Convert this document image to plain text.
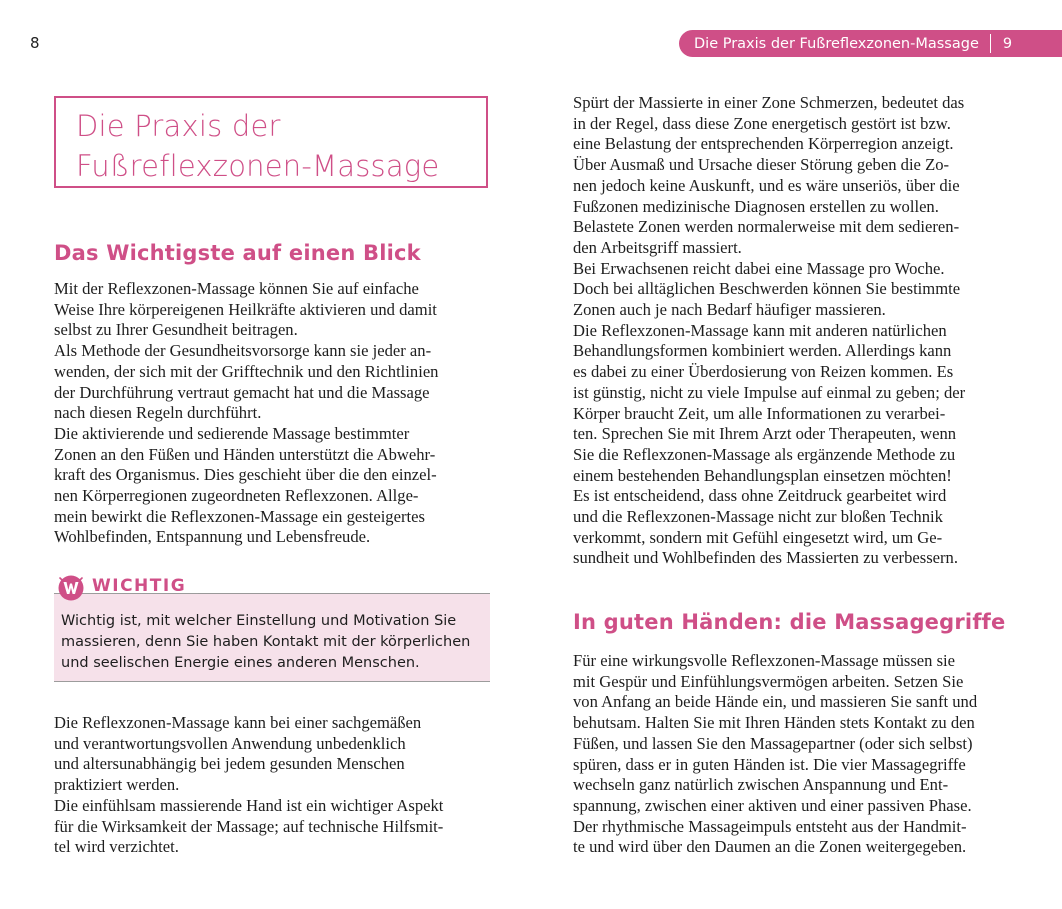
8	Die Praxis der Fußreflexzonen-Massage 9
Die Praxis der
Fußreflexzonen-Massage
Das Wichtigste auf einen Blick

Mit der Reflexzonen-Massage können Sie auf einfache

Weise Ihre körpereigenen Heilkräfte aktivieren und damit

selbst zu Ihrer Gesundheit beitragen.

Als Methode der Gesundheitsvorsorge kann sie jeder an-

wenden, der sich mit der Grifftechnik und den Richtlinien

der Durchführung vertraut gemacht hat und die Massage

nach diesen Regeln durchführt.

Die aktivierende und sedierende Massage bestimmter

Zonen an den Füßen und Händen unterstützt die Abwehr-

kraft des Organismus. Dies geschieht über die den einzel-

nen Körperregionen zugeordneten Reflexzonen. Allge-

mein bewirkt die Reflexzonen-Massage ein gesteigertes

Wohlbefinden, Entspannung und Lebensfreude.

Wichtig ist, mit welcher Einstellung und Motivation Sie

massieren, denn Sie haben Kontakt mit der körperlichen

und seelischen Energie eines anderen Menschen.

W
WICHTIG

Die Reflexzonen-Massage kann bei einer sachgemäßen

und verantwortungsvollen Anwendung unbedenklich

und altersunabhängig bei jedem gesunden Menschen

praktiziert werden.

Die einfühlsam massierende Hand ist ein wichtiger Aspekt

für die Wirksamkeit der Massage; auf technische Hilfsmit-

tel wird verzichtet.

Spürt der Massierte in einer Zone Schmerzen, bedeutet das

in der Regel, dass diese Zone energetisch gestört ist bzw.

eine Belastung der entsprechenden Körperregion anzeigt.

Über Ausmaß und Ursache dieser Störung geben die Zo-

nen jedoch keine Auskunft, und es wäre unseriös, über die

Fußzonen medizinische Diagnosen erstellen zu wollen.

Belastete Zonen werden normalerweise mit dem sedieren-

den Arbeitsgriff massiert.

Bei Erwachsenen reicht dabei eine Massage pro Woche.

Doch bei alltäglichen Beschwerden können Sie bestimmte

Zonen auch je nach Bedarf häufiger massieren.

Die Reflexzonen-Massage kann mit anderen natürlichen

Behandlungsformen kombiniert werden. Allerdings kann

es dabei zu einer Überdosierung von Reizen kommen. Es

ist günstig, nicht zu viele Impulse auf einmal zu geben; der

Körper braucht Zeit, um alle Informationen zu verarbei-

ten. Sprechen Sie mit Ihrem Arzt oder Therapeuten, wenn

Sie die Reflexzonen-Massage als ergänzende Methode zu

einem bestehenden Behandlungsplan einsetzen möchten!

Es ist entscheidend, dass ohne Zeitdruck gearbeitet wird

und die Reflexzonen-Massage nicht zur bloßen Technik

verkommt, sondern mit Gefühl eingesetzt wird, um Ge-

sundheit und Wohlbefinden des Massierten zu verbessern.

In guten Händen: die Massagegriffe

Für eine wirkungsvolle Reflexzonen-Massage müssen sie

mit Gespür und Einfühlungsvermögen arbeiten. Setzen Sie

von Anfang an beide Hände ein, und massieren Sie sanft und

behutsam. Halten Sie mit Ihren Händen stets Kontakt zu den

Füßen, und lassen Sie den Massagepartner (oder sich selbst)

spüren, dass er in guten Händen ist. Die vier Massagegriffe

wechseln ganz natürlich zwischen Anspannung und Ent-

spannung, zwischen einer aktiven und einer passiven Phase.

Der rhythmische Massageimpuls entsteht aus der Handmit-

te und wird über den Daumen an die Zonen weitergegeben.
